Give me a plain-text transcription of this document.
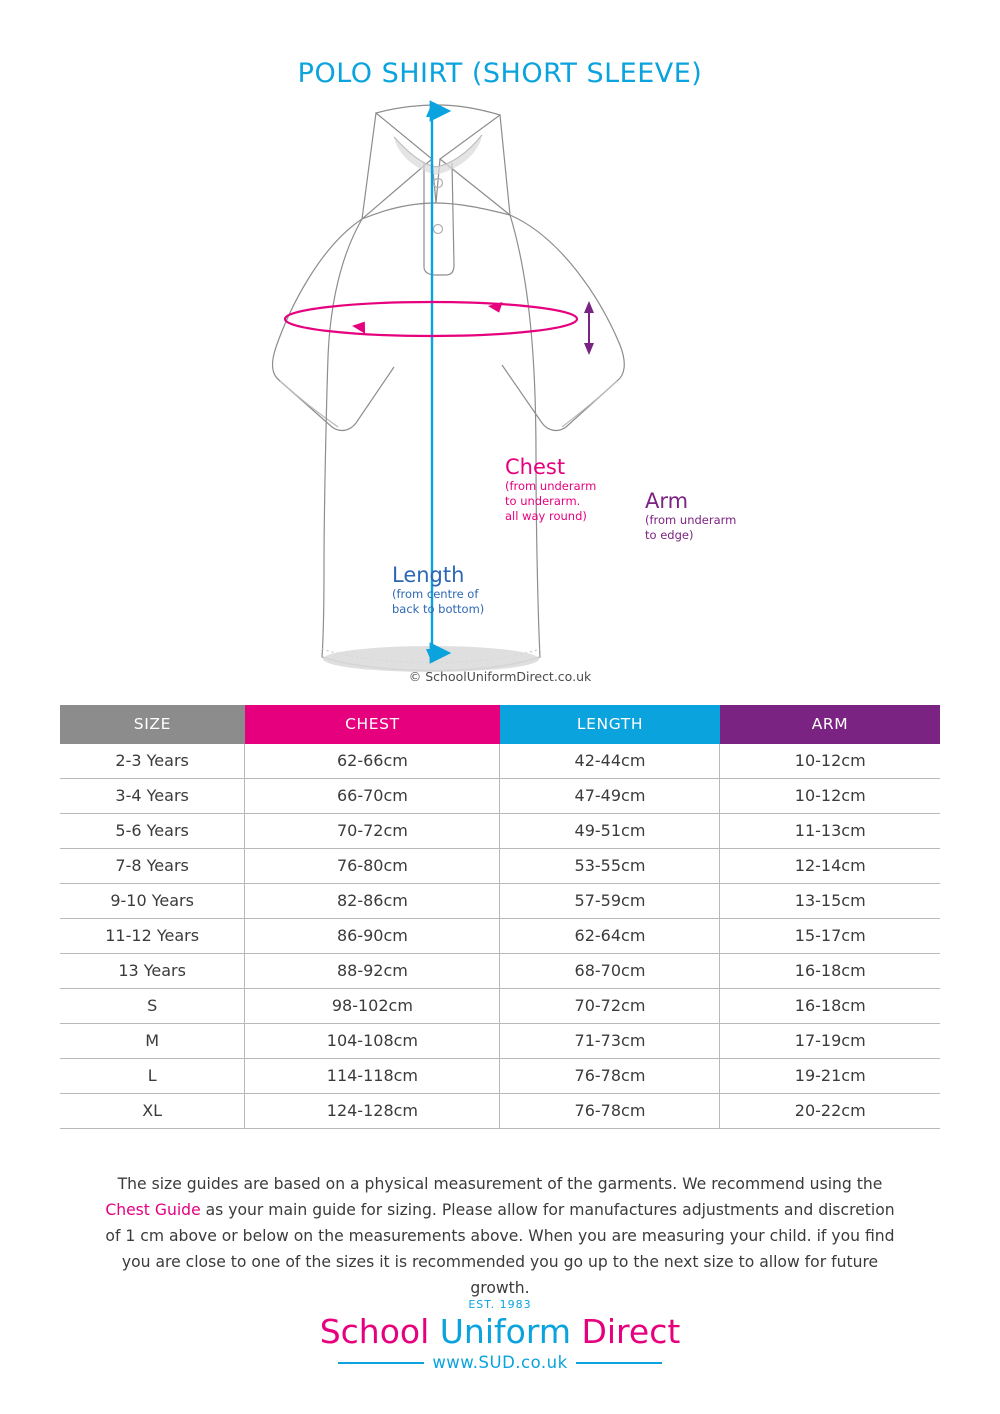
POLO SHIRT (SHORT SLEEVE)
Chest
(from underarm
to underarm.
all way round)
Arm
(from underarm
to edge)
Length
(from centre of
back to bottom)
© SchoolUniformDirect.co.uk
SIZE	CHEST	LENGTH	ARM
2-3 Years	62-66cm	42-44cm	10-12cm
3-4 Years	66-70cm	47-49cm	10-12cm
5-6 Years	70-72cm	49-51cm	11-13cm
7-8 Years	76-80cm	53-55cm	12-14cm
9-10 Years	82-86cm	57-59cm	13-15cm
11-12 Years	86-90cm	62-64cm	15-17cm
13 Years	88-92cm	68-70cm	16-18cm
S	98-102cm	70-72cm	16-18cm
M	104-108cm	71-73cm	17-19cm
L	114-118cm	76-78cm	19-21cm
XL	124-128cm	76-78cm	20-22cm
The size guides are based on a physical measurement of the garments. We recommend using the Chest Guide as your main guide for sizing. Please allow for manufactures adjustments and discretion of 1 cm above or below on the measurements above. When you are measuring your child. if you find you are close to one of the sizes it is recommended you go up to the next size to allow for future growth.
EST. 1983
School Uniform Direct
www.SUD.co.uk
